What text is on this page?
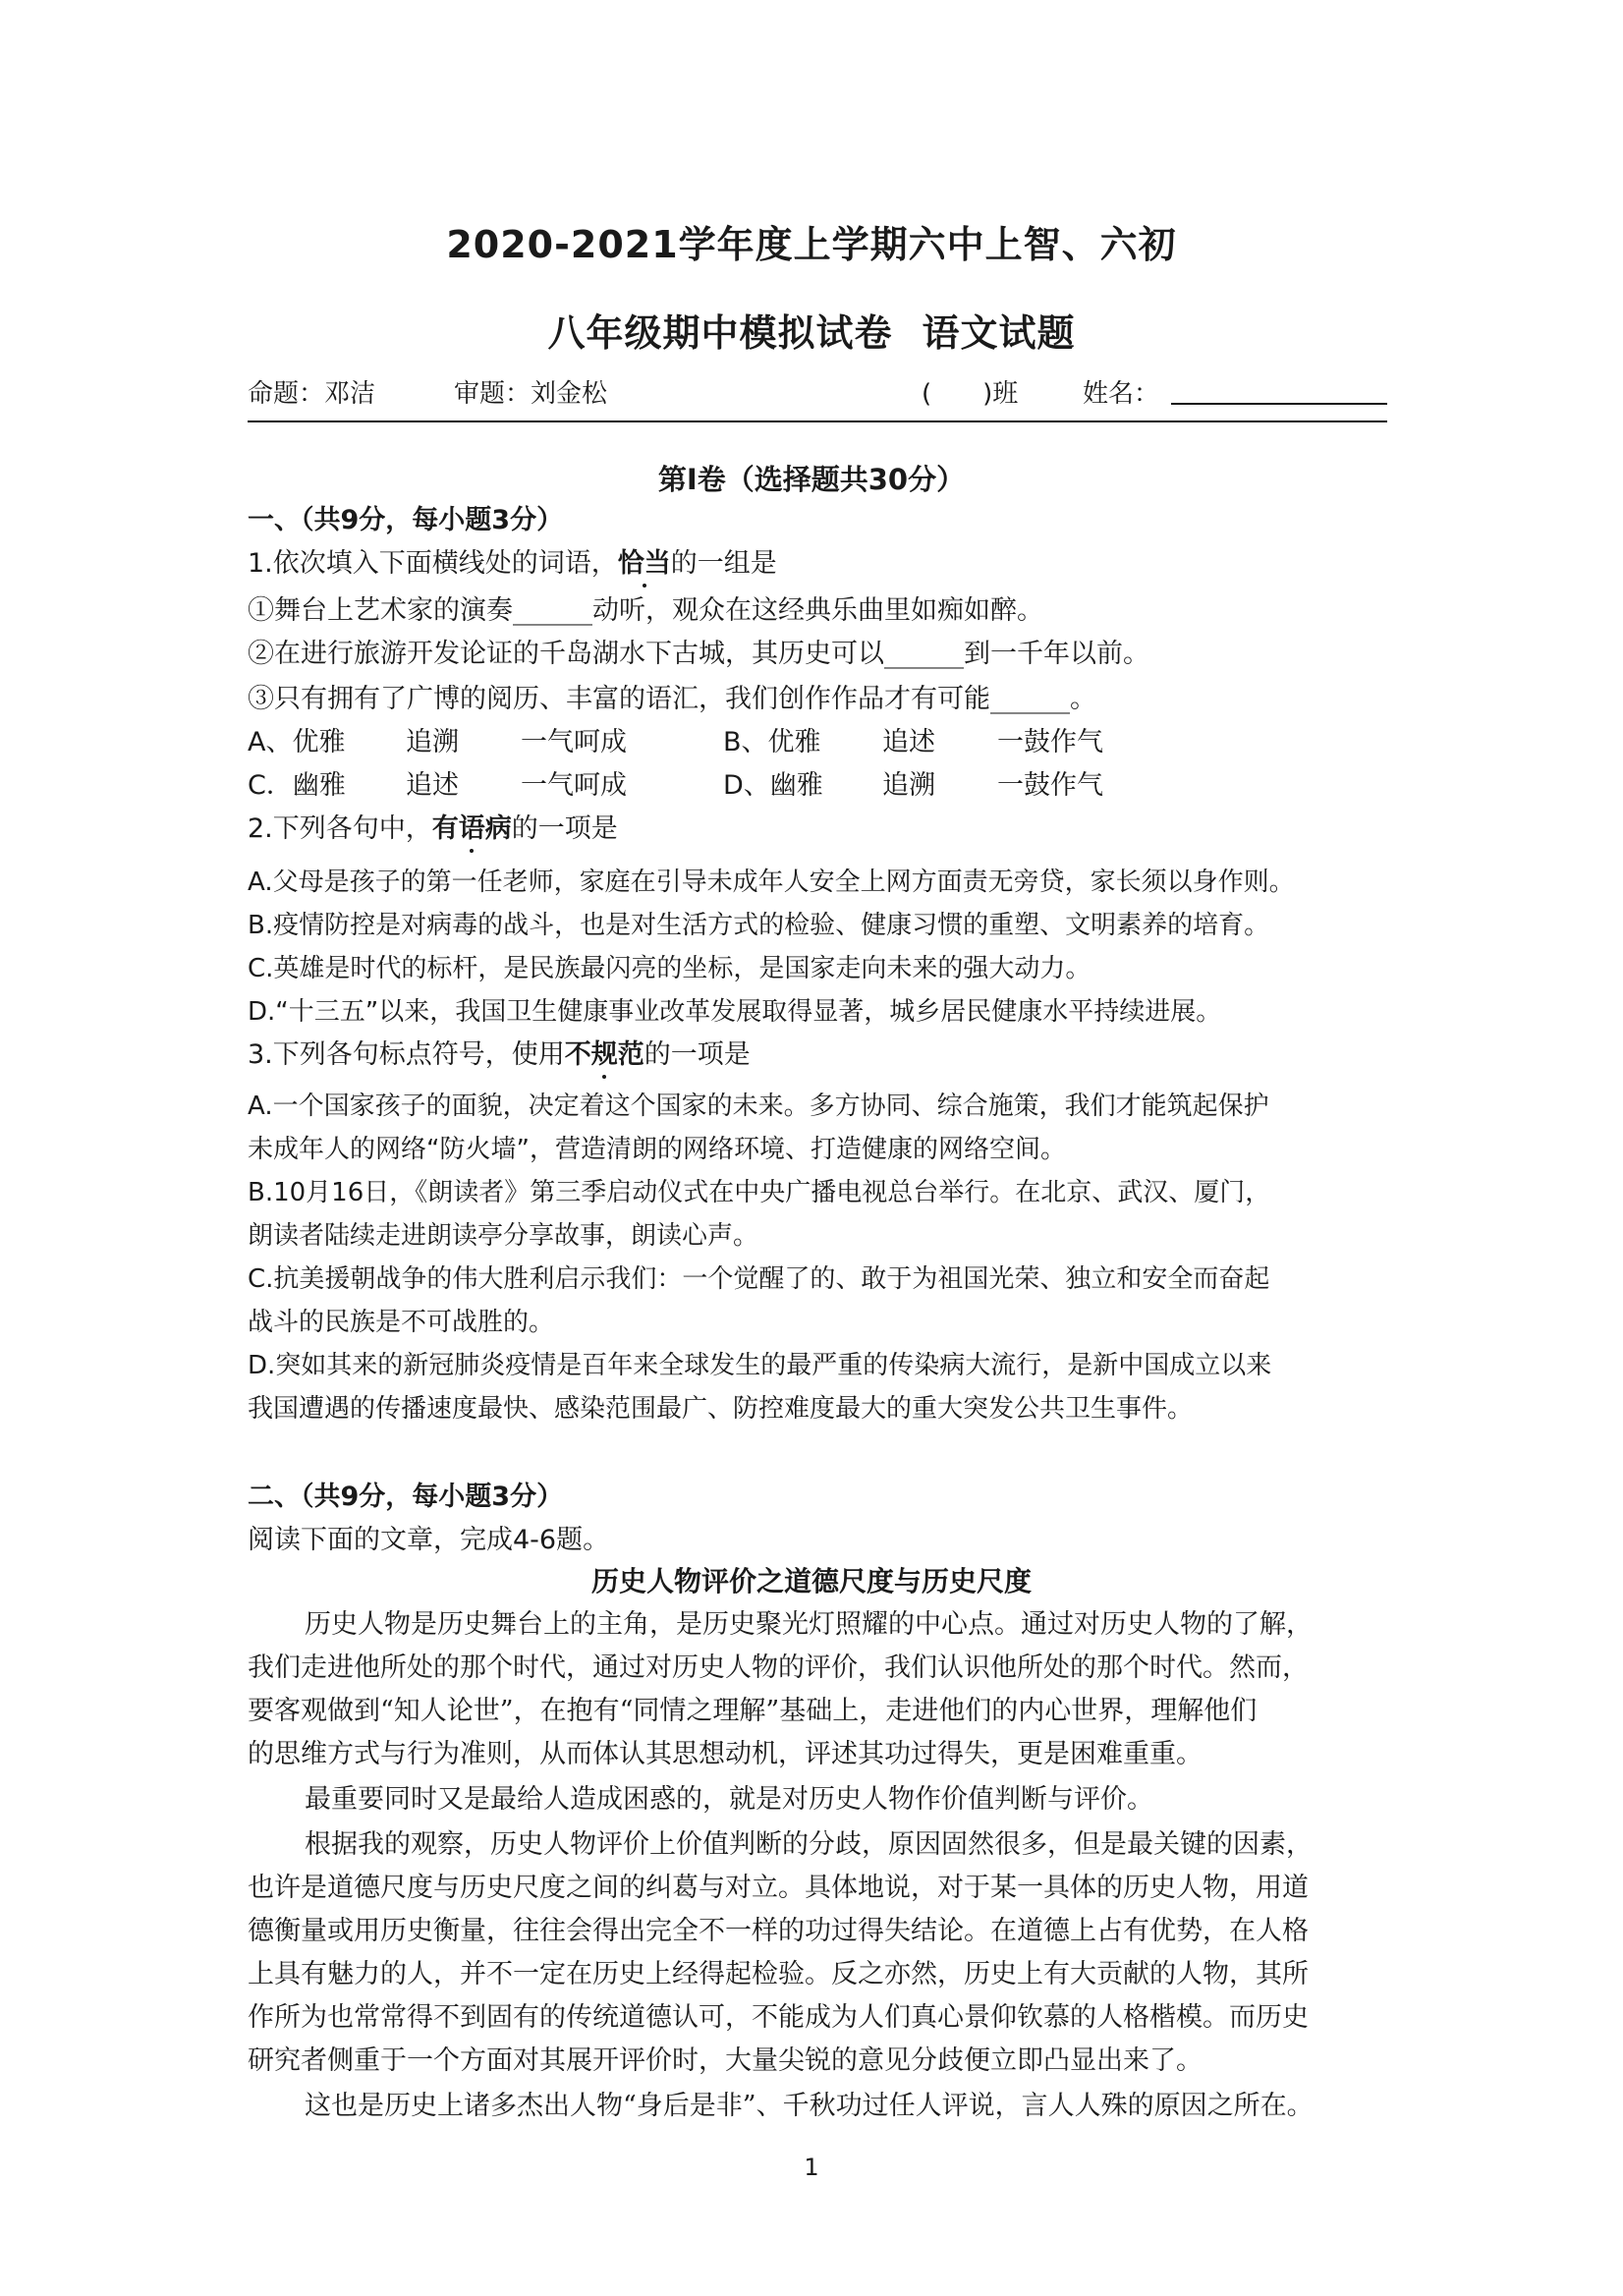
2020-2021学年度上学期六中上智、六初
八年级期中模拟试卷 语文试题
命题：邓洁	审题：刘金松	(　　)班	姓名：
第I卷（选择题共30分）
一、（共9分，每小题3分）
1.依次填入下面横线处的词语，恰当的一组是
①舞台上艺术家的演奏______动听，观众在这经典乐曲里如痴如醉。
②在进行旅游开发论证的千岛湖水下古城，其历史可以______到一千年以前。
③只有拥有了广博的阅历、丰富的语汇，我们创作作品才有可能______。
A、优雅 追溯 一气呵成	B、优雅 追述 一鼓作气
C．幽雅 追述 一气呵成	D、幽雅 追溯 一鼓作气
2.下列各句中，有语病的一项是
A.父母是孩子的第一任老师，家庭在引导未成年人安全上网方面责无旁贷，家长须以身作则。
B.疫情防控是对病毒的战斗，也是对生活方式的检验、健康习惯的重塑、文明素养的培育。
C.英雄是时代的标杆，是民族最闪亮的坐标，是国家走向未来的强大动力。
D.“十三五”以来，我国卫生健康事业改革发展取得显著，城乡居民健康水平持续进展。
3.下列各句标点符号，使用不规范的一项是
A.一个国家孩子的面貌，决定着这个国家的未来。多方协同、综合施策，我们才能筑起保护
未成年人的网络“防火墙”，营造清朗的网络环境、打造健康的网络空间。
B.10月16日，《朗读者》第三季启动仪式在中央广播电视总台举行。在北京、武汉、厦门，
朗读者陆续走进朗读亭分享故事，朗读心声。
C.抗美援朝战争的伟大胜利启示我们：一个觉醒了的、敢于为祖国光荣、独立和安全而奋起
战斗的民族是不可战胜的。
D.突如其来的新冠肺炎疫情是百年来全球发生的最严重的传染病大流行，是新中国成立以来
我国遭遇的传播速度最快、感染范围最广、防控难度最大的重大突发公共卫生事件。
二、（共9分，每小题3分）
阅读下面的文章，完成4-6题。
历史人物评价之道德尺度与历史尺度
历史人物是历史舞台上的主角，是历史聚光灯照耀的中心点。通过对历史人物的了解，
我们走进他所处的那个时代，通过对历史人物的评价，我们认识他所处的那个时代。然而，
要客观做到“知人论世”，在抱有“同情之理解”基础上，走进他们的内心世界，理解他们
的思维方式与行为准则，从而体认其思想动机，评述其功过得失，更是困难重重。
最重要同时又是最给人造成困惑的，就是对历史人物作价值判断与评价。
根据我的观察，历史人物评价上价值判断的分歧，原因固然很多，但是最关键的因素，
也许是道德尺度与历史尺度之间的纠葛与对立。具体地说，对于某一具体的历史人物，用道
德衡量或用历史衡量，往往会得出完全不一样的功过得失结论。在道德上占有优势，在人格
上具有魅力的人，并不一定在历史上经得起检验。反之亦然，历史上有大贡献的人物，其所
作所为也常常得不到固有的传统道德认可，不能成为人们真心景仰钦慕的人格楷模。而历史
研究者侧重于一个方面对其展开评价时，大量尖锐的意见分歧便立即凸显出来了。
这也是历史上诸多杰出人物“身后是非”、千秋功过任人评说，言人人殊的原因之所在。
1
